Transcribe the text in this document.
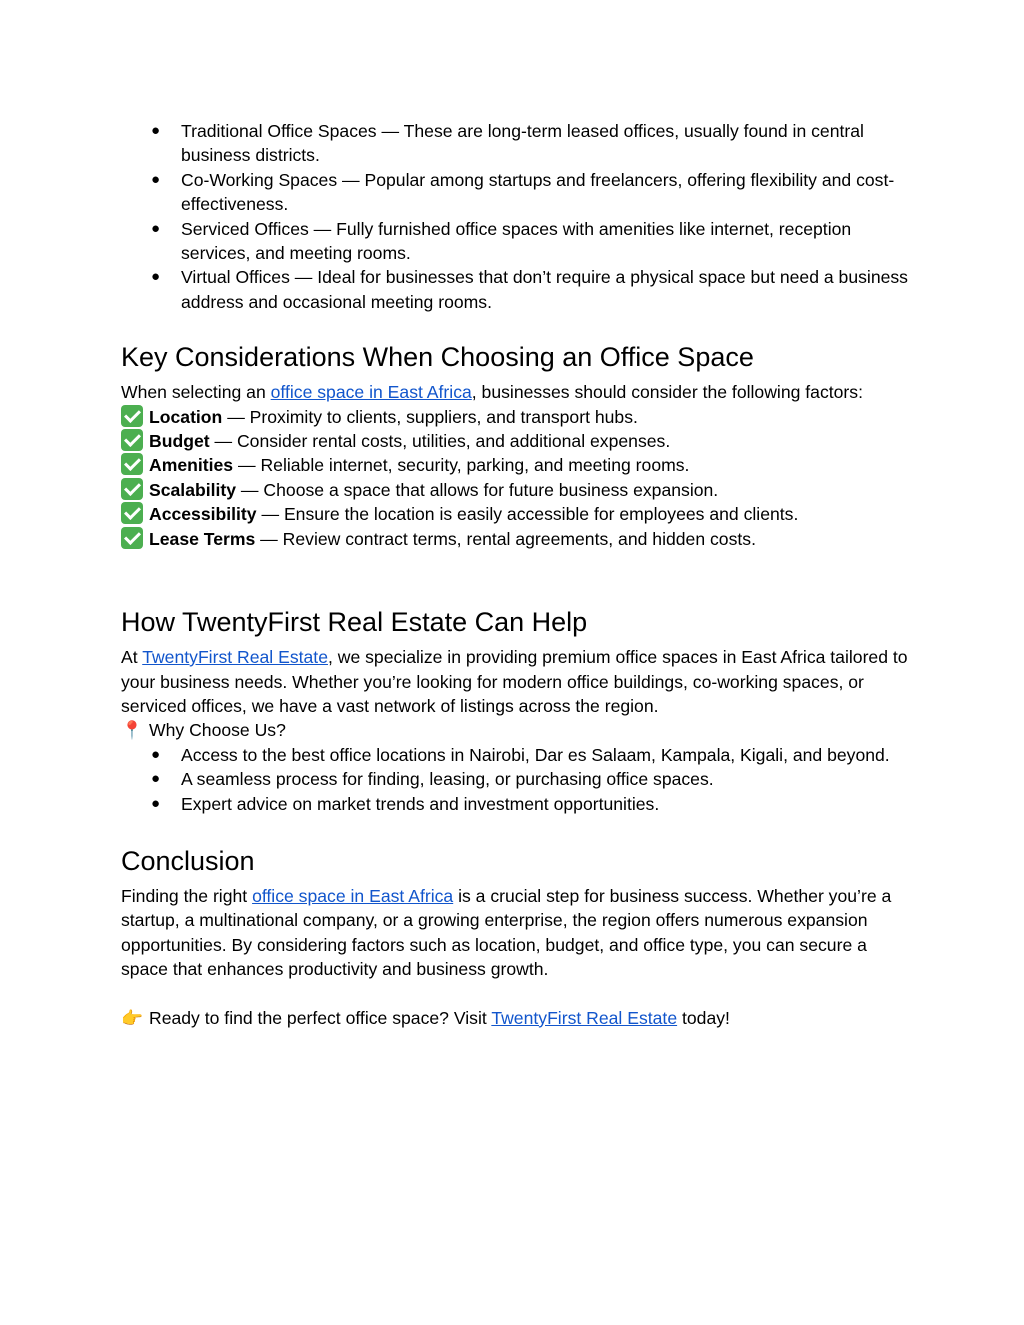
● Traditional Office Spaces — These are long-term leased offices, usually found in central business districts.
● Co-Working Spaces — Popular among startups and freelancers, offering flexibility and cost-effectiveness.
● Serviced Offices — Fully furnished office spaces with amenities like internet, reception services, and meeting rooms.
● Virtual Offices — Ideal for businesses that don’t require a physical space but need a business address and occasional meeting rooms.
Key Considerations When Choosing an Office Space

When selecting an office space in East Africa, businesses should consider the following factors:

Location — Proximity to clients, suppliers, and transport hubs.
Budget — Consider rental costs, utilities, and additional expenses.
Amenities — Reliable internet, security, parking, and meeting rooms.
Scalability — Choose a space that allows for future business expansion.
Accessibility — Ensure the location is easily accessible for employees and clients.
Lease Terms — Review contract terms, rental agreements, and hidden costs.
How TwentyFirst Real Estate Can Help

At TwentyFirst Real Estate, we specialize in providing premium office spaces in East Africa tailored to your business needs. Whether you’re looking for modern office buildings, co-working spaces, or serviced offices, we have a vast network of listings across the region.

📍 Why Choose Us?
● Access to the best office locations in Nairobi, Dar es Salaam, Kampala, Kigali, and beyond.
● A seamless process for finding, leasing, or purchasing office spaces.
● Expert advice on market trends and investment opportunities.
Conclusion

Finding the right office space in East Africa is a crucial step for business success. Whether you’re a startup, a multinational company, or a growing enterprise, the region offers numerous expansion opportunities. By considering factors such as location, budget, and office type, you can secure a space that enhances productivity and business growth.

👉 Ready to find the perfect office space? Visit TwentyFirst Real Estate today!
